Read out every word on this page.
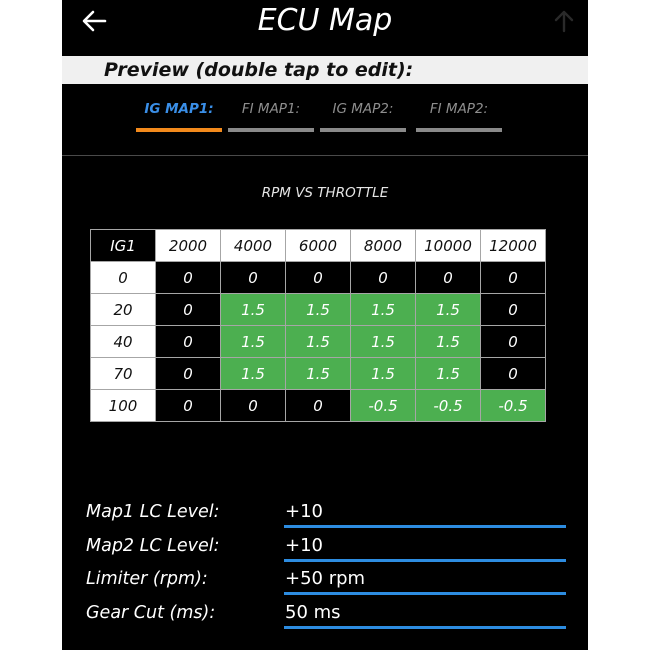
ECU Map
Preview (double tap to edit):
IG MAP1:	FI MAP1:	IG MAP2:	FI MAP2:
RPM VS THROTTLE
IG1	2000	4000	6000	8000	10000	12000
0	0	0	0	0	0	0
20	0	1.5	1.5	1.5	1.5	0
40	0	1.5	1.5	1.5	1.5	0
70	0	1.5	1.5	1.5	1.5	0
100	0	0	0	-0.5	-0.5	-0.5
Map1 LC Level:	+10
Map2 LC Level:	+10
Limiter (rpm):	+50 rpm
Gear Cut (ms):	50 ms
